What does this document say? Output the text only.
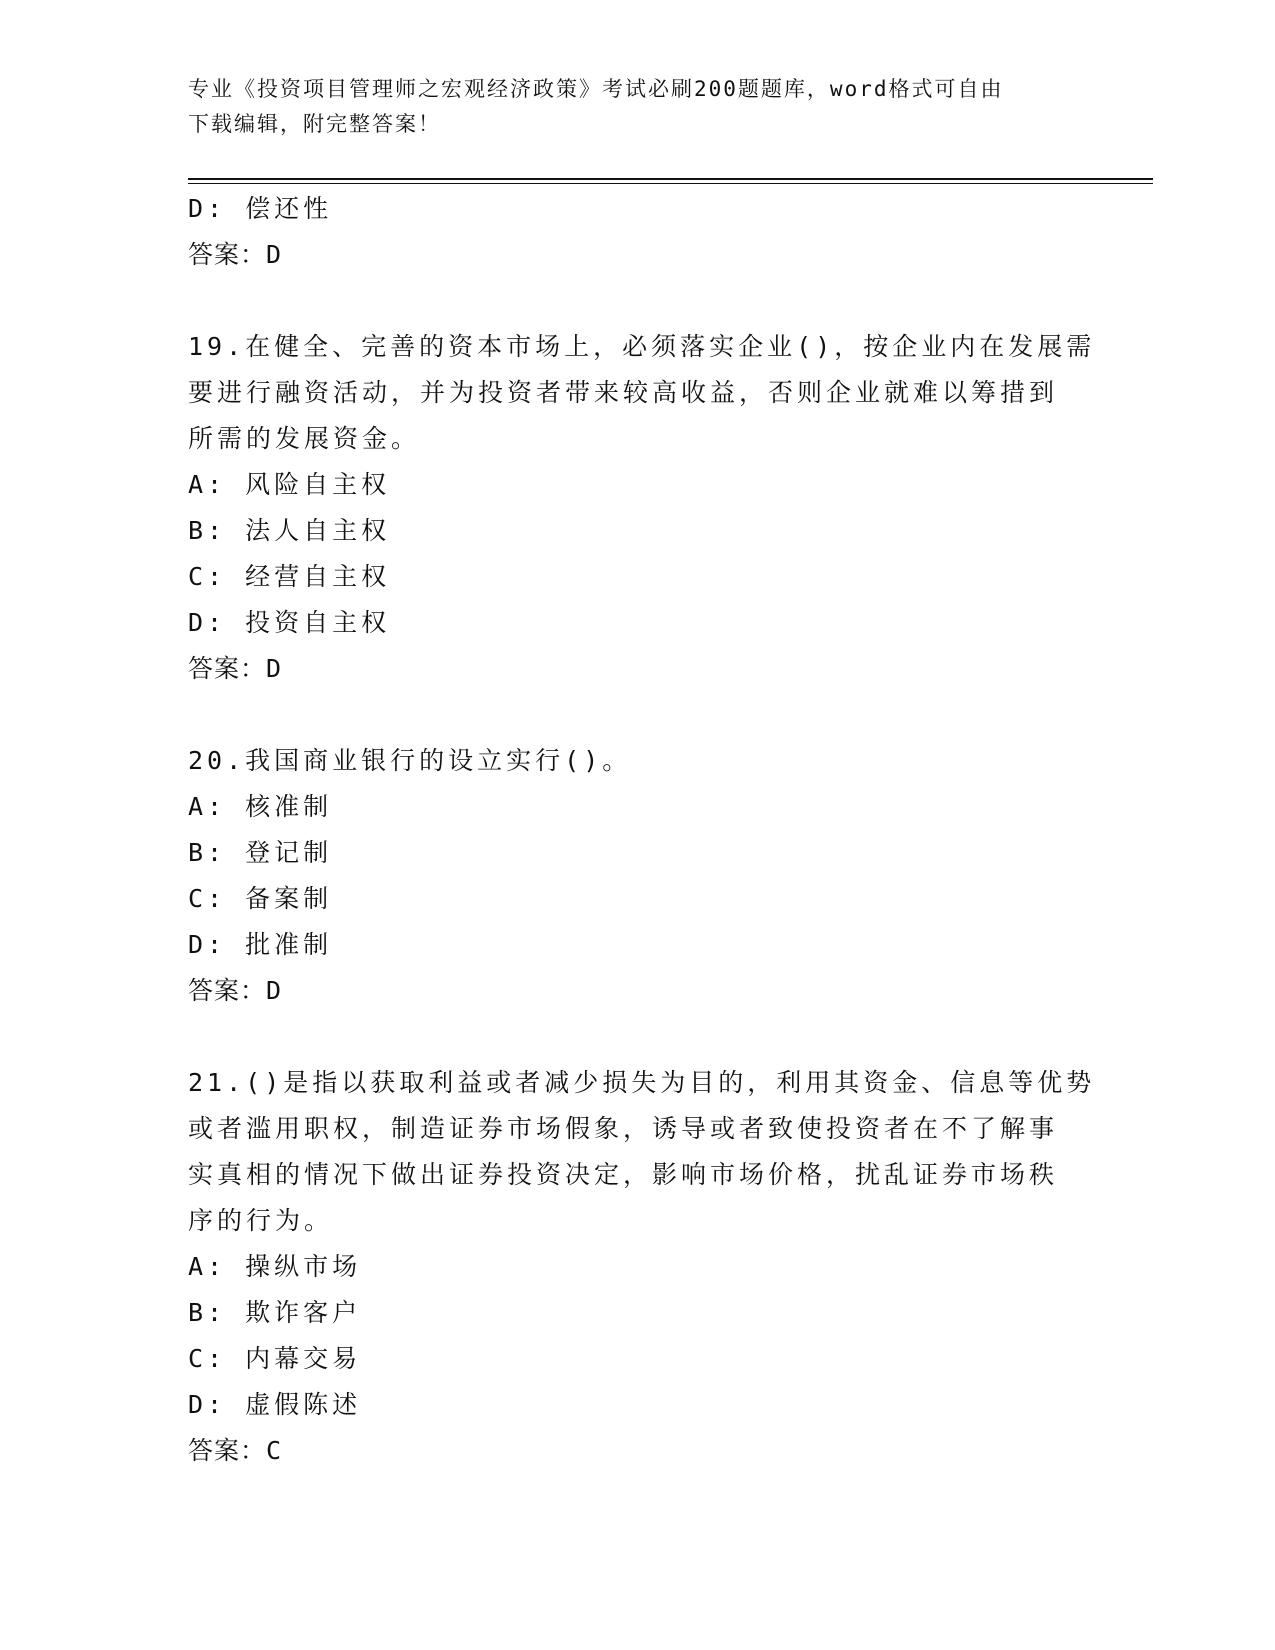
专业《投资项目管理师之宏观经济政策》考试必刷200题题库，word格式可自由
下载编辑，附完整答案！
D: 偿还性
答案：D
19.在健全、完善的资本市场上，必须落实企业()，按企业内在发展需
要进行融资活动，并为投资者带来较高收益，否则企业就难以筹措到
所需的发展资金。
A: 风险自主权
B: 法人自主权
C: 经营自主权
D: 投资自主权
答案：D
20.我国商业银行的设立实行()。
A: 核准制
B: 登记制
C: 备案制
D: 批准制
答案：D
21.()是指以获取利益或者减少损失为目的，利用其资金、信息等优势
或者滥用职权，制造证券市场假象，诱导或者致使投资者在不了解事
实真相的情况下做出证券投资决定，影响市场价格，扰乱证券市场秩
序的行为。
A: 操纵市场
B: 欺诈客户
C: 内幕交易
D: 虚假陈述
答案：C
